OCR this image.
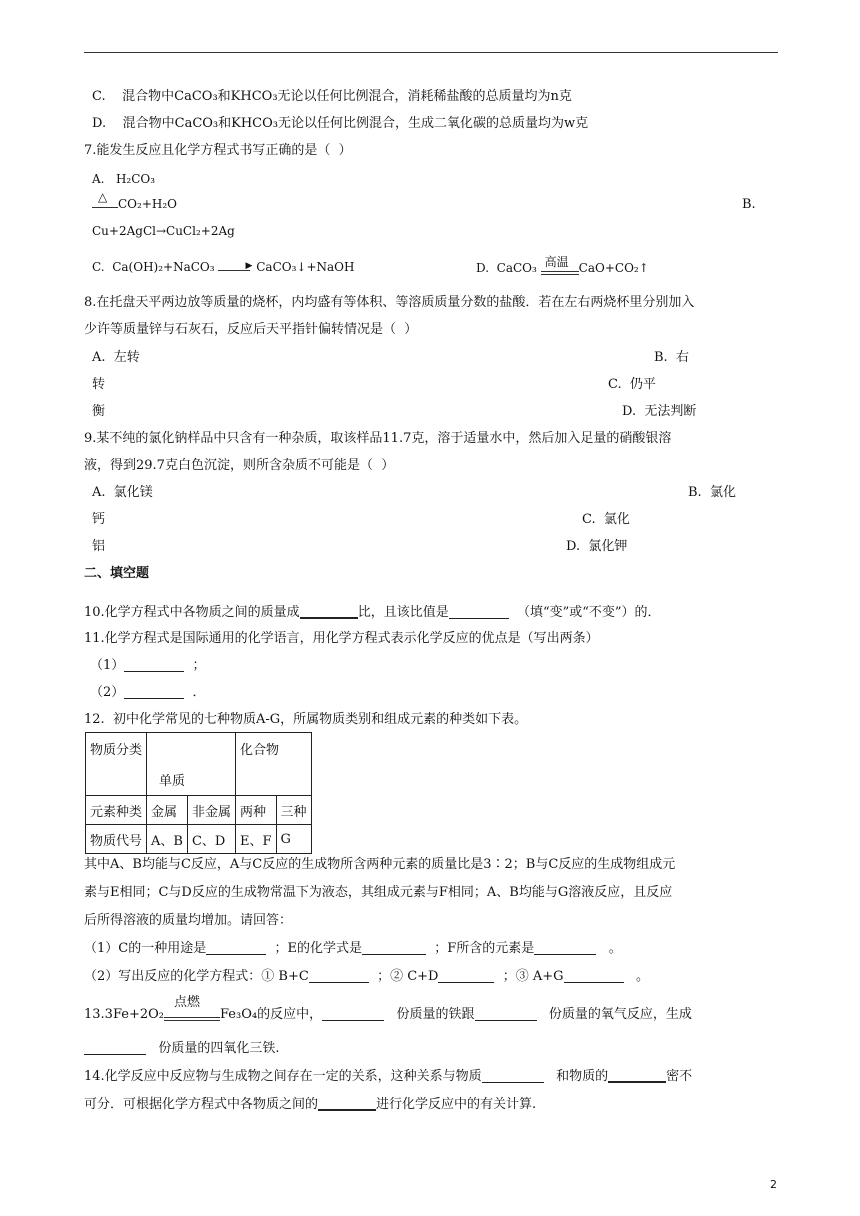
C. 混合物中CaCO₃和KHCO₃无论以任何比例混合，消耗稀盐酸的总质量均为n克
D. 混合物中CaCO₃和KHCO₃无论以任何比例混合，生成二氧化碳的总质量均为w克
7.能发生反应且化学方程式书写正确的是（  ）
A. H₂CO₃
△ CO₂+H₂O	B.
Cu+2AgCl→CuCl₂+2Ag
C. Ca(OH)₂+NaCO₃	▶ CaCO₃↓+NaOH	D. CaCO₃ 高温 CaO+CO₂↑
8.在托盘天平两边放等质量的烧杯，内均盛有等体积、等溶质质量分数的盐酸．若在左右两烧杯里分别加入
少许等质量锌与石灰石，反应后天平指针偏转情况是（  ）
A.  左转	B.  右
转	C.  仍平
衡	D.  无法判断
9.某不纯的氯化钠样品中只含有一种杂质，取该样品11.7克，溶于适量水中，然后加入足量的硝酸银溶
液，得到29.7克白色沉淀，则所含杂质不可能是（  ）
A.  氯化镁	B.  氯化
钙	C.  氯化
铝	D.  氯化钾
二、填空题
10.化学方程式中各物质之间的质量成	比，且该比值是	（填“变”或“不变”）的．
11.化学方程式是国际通用的化学语言，用化学方程式表示化学反应的优点是（写出两条）
（1）	；
（2）	．
12.  初中化学常见的七种物质A-G，所属物质类别和组成元素的种类如下表。
物质分类	单质		化合物	
元素种类	金属	非金属	两种	三种
物质代号	A、B	C、D	E、F	G
其中A、B均能与C反应，A与C反应的生成物所含两种元素的质量比是3∶2；B与C反应的生成物组成元
素与E相同；C与D反应的生成物常温下为液态，其组成元素与F相同；A、B均能与G溶液反应，且反应
后所得溶液的质量均增加。请回答：
（1）C的一种用途是	；E的化学式是	；F所含的元素是	。
（2）写出反应的化学方程式：① B+C	；② C+D	；③ A+G	。
13.3Fe+2O₂
点燃
Fe₃O₄的反应中，	份质量的铁跟	份质量的氧气反应，生成
份质量的四氧化三铁.
14.化学反应中反应物与生成物之间存在一定的关系，这种关系与物质	和物质的	密不
可分．可根据化学方程式中各物质之间的	进行化学反应中的有关计算.
2
